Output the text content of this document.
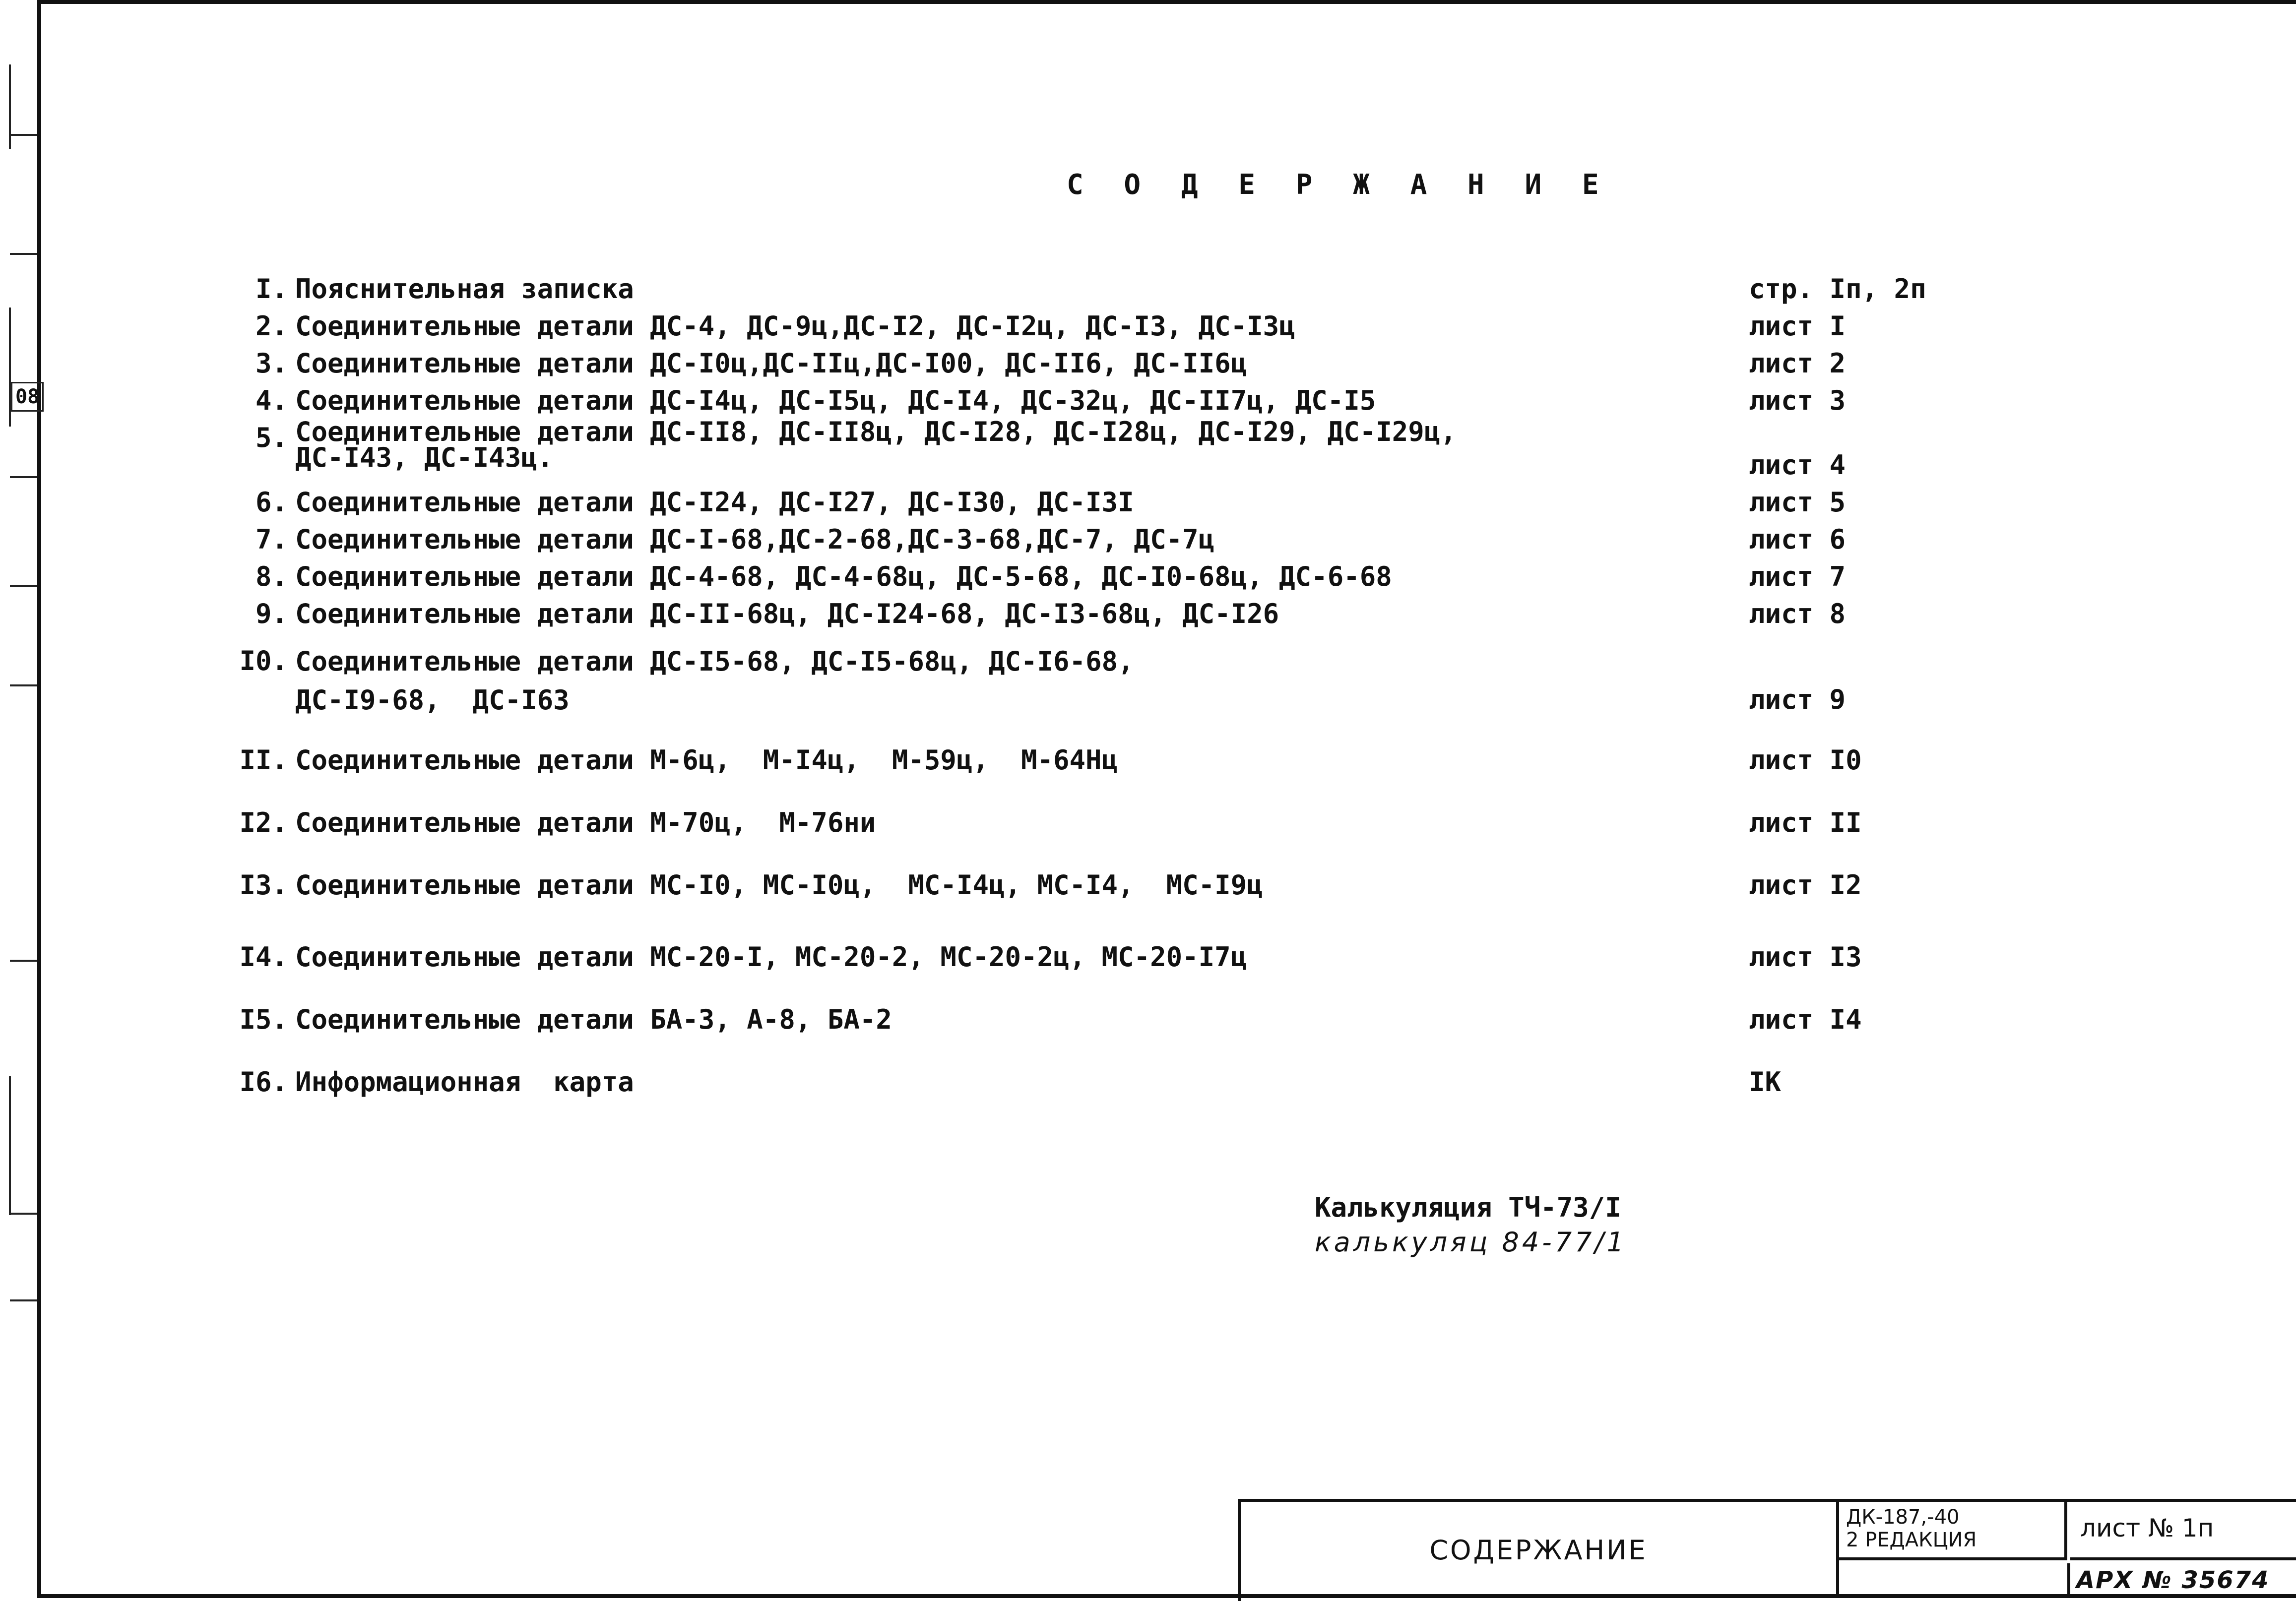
08
С О Д Е Р Ж А Н И Е
I. Пояснительная записка	стр. Iп, 2п
2. Соединительные детали ДС-4, ДС-9ц,ДС-I2, ДС-I2ц, ДС-I3, ДС-I3ц	лист I
3. Соединительные детали ДС-I0ц,ДС-IIц,ДС-I00, ДС-II6, ДС-II6ц	лист 2
4. Соединительные детали ДС-I4ц, ДС-I5ц, ДС-I4, ДС-32ц, ДС-II7ц, ДС-I5	лист 3
5. Соединительные детали ДС-II8, ДС-II8ц, ДС-I28, ДС-I28ц, ДС-I29, ДС-I29ц,
ДС-I43, ДС-I43ц.	лист 4
6. Соединительные детали ДС-I24, ДС-I27, ДС-I30, ДС-I3I	лист 5
7. Соединительные детали ДС-I-68,ДС-2-68,ДС-3-68,ДС-7, ДС-7ц	лист 6
8. Соединительные детали ДС-4-68, ДС-4-68ц, ДС-5-68, ДС-I0-68ц, ДС-6-68	лист 7
9. Соединительные детали ДС-II-68ц, ДС-I24-68, ДС-I3-68ц, ДС-I26	лист 8
I0. Соединительные детали ДС-I5-68, ДС-I5-68ц, ДС-I6-68,
ДС-I9-68,  ДС-I63	лист 9
II. Соединительные детали М-6ц,  М-I4ц,  М-59ц,  М-64Нц	лист I0
I2. Соединительные детали М-70ц,  М-76ни	лист II
I3. Соединительные детали МС-I0, МС-I0ц,  МС-I4ц, МС-I4,  МС-I9ц	лист I2
I4. Соединительные детали МС-20-I, МС-20-2, МС-20-2ц, МС-20-I7ц	лист I3
I5. Соединительные детали БА-3, А-8, БА-2	лист I4
I6. Информационная  карта	IК
Калькуляция ТЧ-73/I
калькуляц 84-77/1
СОДЕРЖАНИЕ
ДК-187,-40
2 РЕДАКЦИЯ	лист № 1п
АРХ № 35674
